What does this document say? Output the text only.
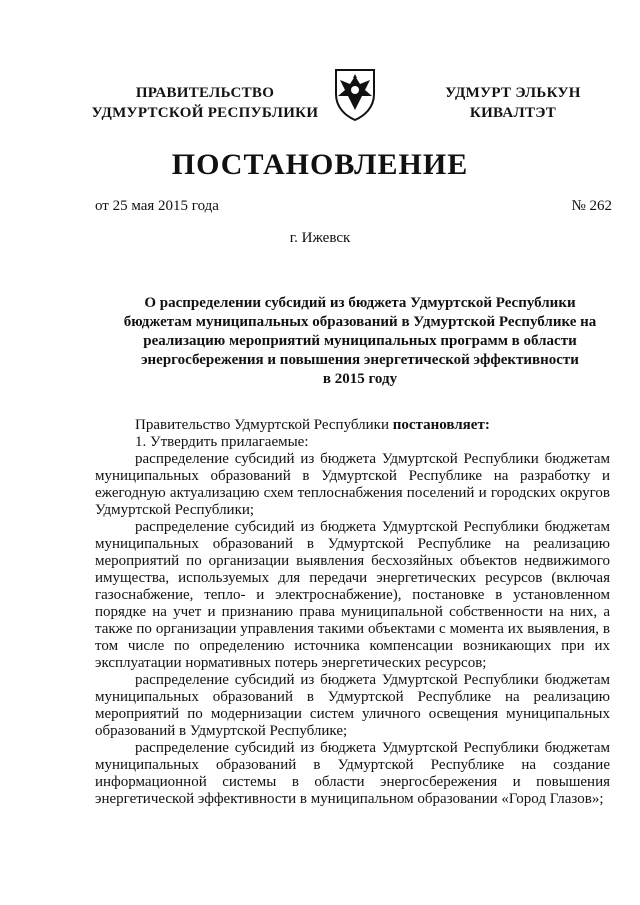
ПРАВИТЕЛЬСТВО
УДМУРТСКОЙ РЕСПУБЛИКИ
УДМУРТ ЭЛЬКУН
КИВАЛТЭТ
ПОСТАНОВЛЕНИЕ
от 25 мая 2015 года	№ 262
г. Ижевск
О распределении субсидий из бюджета Удмуртской Республики
бюджетам муниципальных образований в Удмуртской Республике на
реализацию мероприятий муниципальных программ в области
энергосбережения и повышения энергетической эффективности
в 2015 году

Правительство Удмуртской Республики постановляет:

1. Утвердить прилагаемые:

распределение субсидий из бюджета Удмуртской Республики бюджетам муниципальных образований в Удмуртской Республике на разработку и ежегодную актуализацию схем теплоснабжения поселений и городских округов Удмуртской Республики;

распределение субсидий из бюджета Удмуртской Республики бюджетам муниципальных образований в Удмуртской Республике на реализацию мероприятий по организации выявления бесхозяйных объектов недвижимого имущества, используемых для передачи энергетических ресурсов (включая газоснабжение, тепло- и электроснабжение), постановке в установленном порядке на учет и признанию права муниципальной собственности на них, а также по организации управления такими объектами с момента их выявления, в том числе по определению источника компенсации возникающих при их эксплуатации нормативных потерь энергетических ресурсов;

распределение субсидий из бюджета Удмуртской Республики бюджетам муниципальных образований в Удмуртской Республике на реализацию мероприятий по модернизации систем уличного освещения муниципальных образований в Удмуртской Республике;

распределение субсидий из бюджета Удмуртской Республики бюджетам муниципальных образований в Удмуртской Республике на создание информационной системы в области энергосбережения и повышения энергетической эффективности в муниципальном образовании «Город Глазов»;
